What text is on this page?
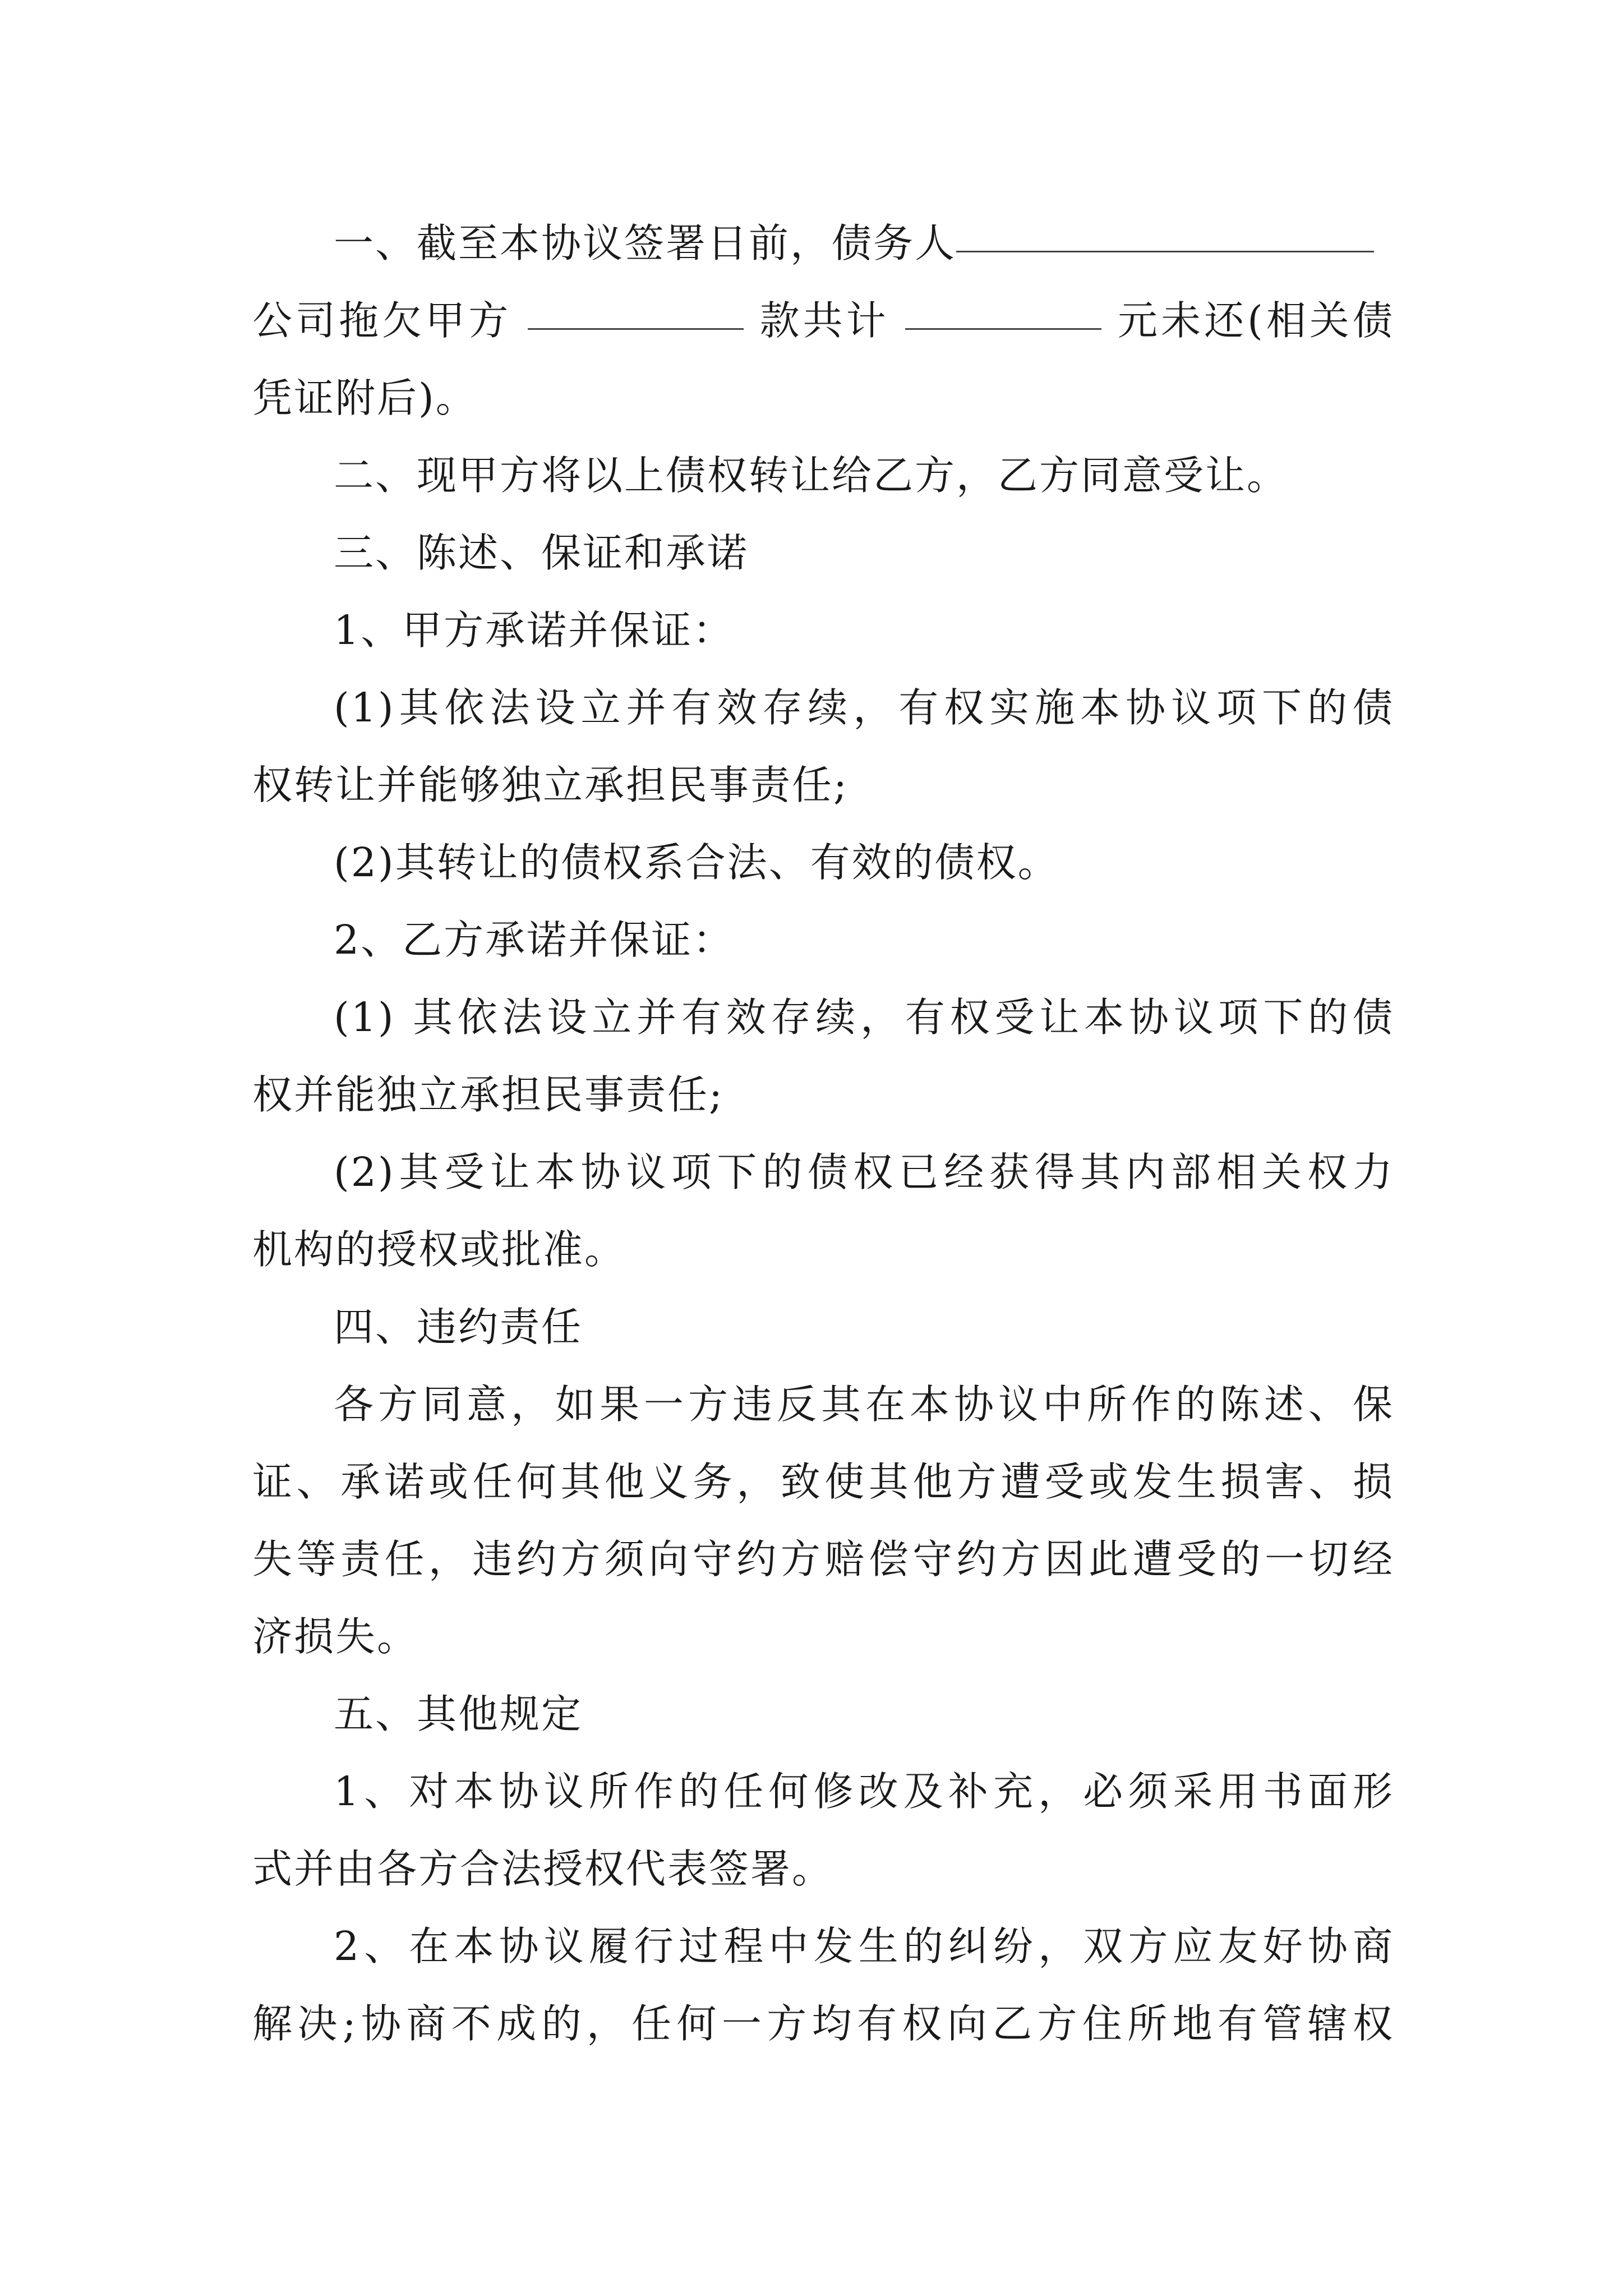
一、截至本协议签署日前，债务人
公司拖欠甲方	款共计	元未还(相关债
凭证附后)。
二、现甲方将以上债权转让给乙方，乙方同意受让。
三、陈述、保证和承诺
1、甲方承诺并保证：
(1)其依法设立并有效存续，有权实施本协议项下的债
权转让并能够独立承担民事责任;
(2)其转让的债权系合法、有效的债权。
2、乙方承诺并保证：
(1) 其依法设立并有效存续，有权受让本协议项下的债
权并能独立承担民事责任;
(2)其受让本协议项下的债权已经获得其内部相关权力
机构的授权或批准。
四、违约责任
各方同意，如果一方违反其在本协议中所作的陈述、保
证、承诺或任何其他义务，致使其他方遭受或发生损害、损
失等责任，违约方须向守约方赔偿守约方因此遭受的一切经
济损失。
五、其他规定
1、对本协议所作的任何修改及补充，必须采用书面形
式并由各方合法授权代表签署。
2、在本协议履行过程中发生的纠纷，双方应友好协商
解决;协商不成的，任何一方均有权向乙方住所地有管辖权
